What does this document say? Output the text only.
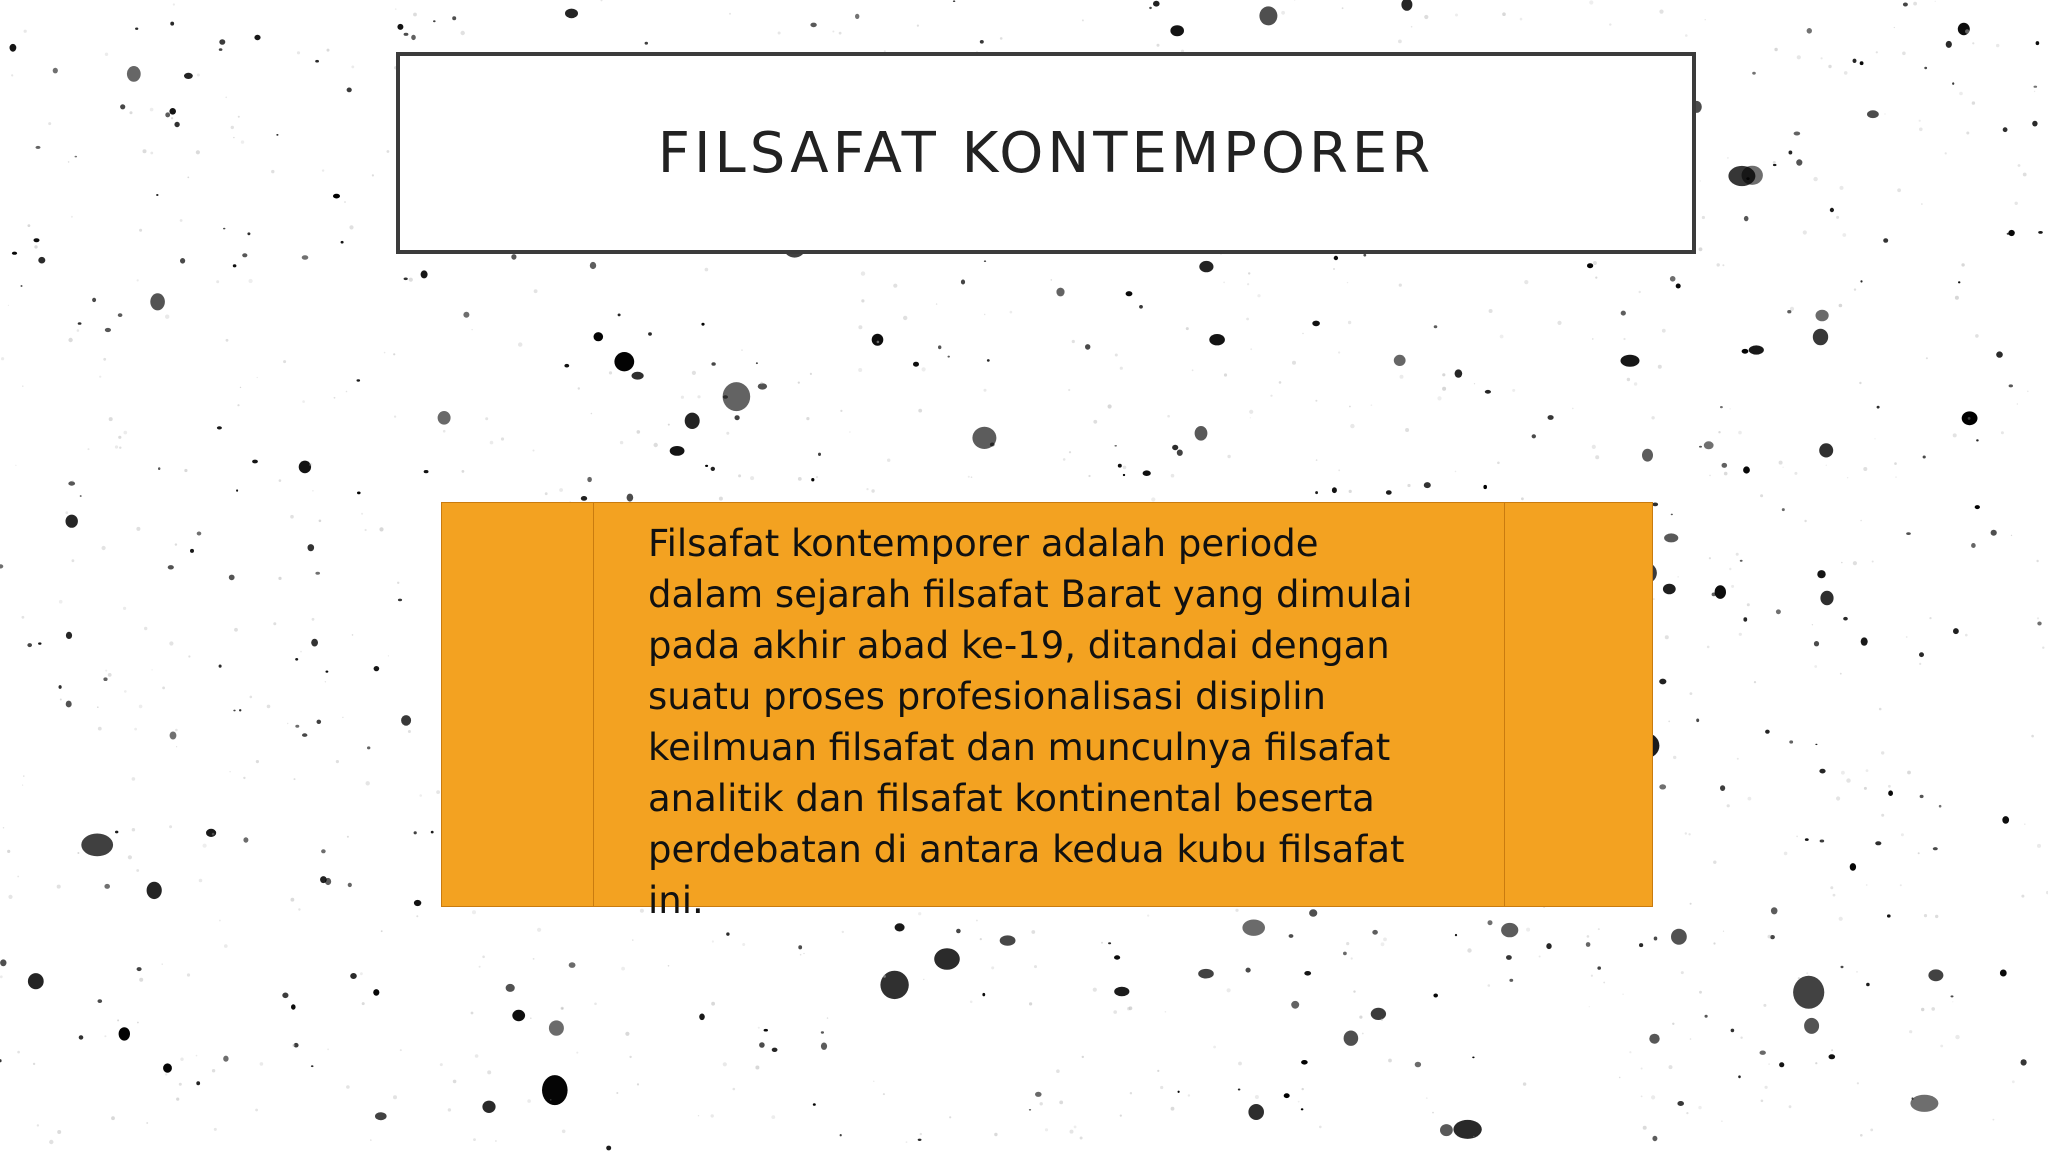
FILSAFAT KONTEMPORER
Filsafat kontemporer adalah periode
dalam sejarah filsafat Barat yang dimulai
pada akhir abad ke-19, ditandai dengan
suatu proses profesionalisasi disiplin
keilmuan filsafat dan munculnya filsafat
analitik dan filsafat kontinental beserta
perdebatan di antara kedua kubu filsafat
ini.
